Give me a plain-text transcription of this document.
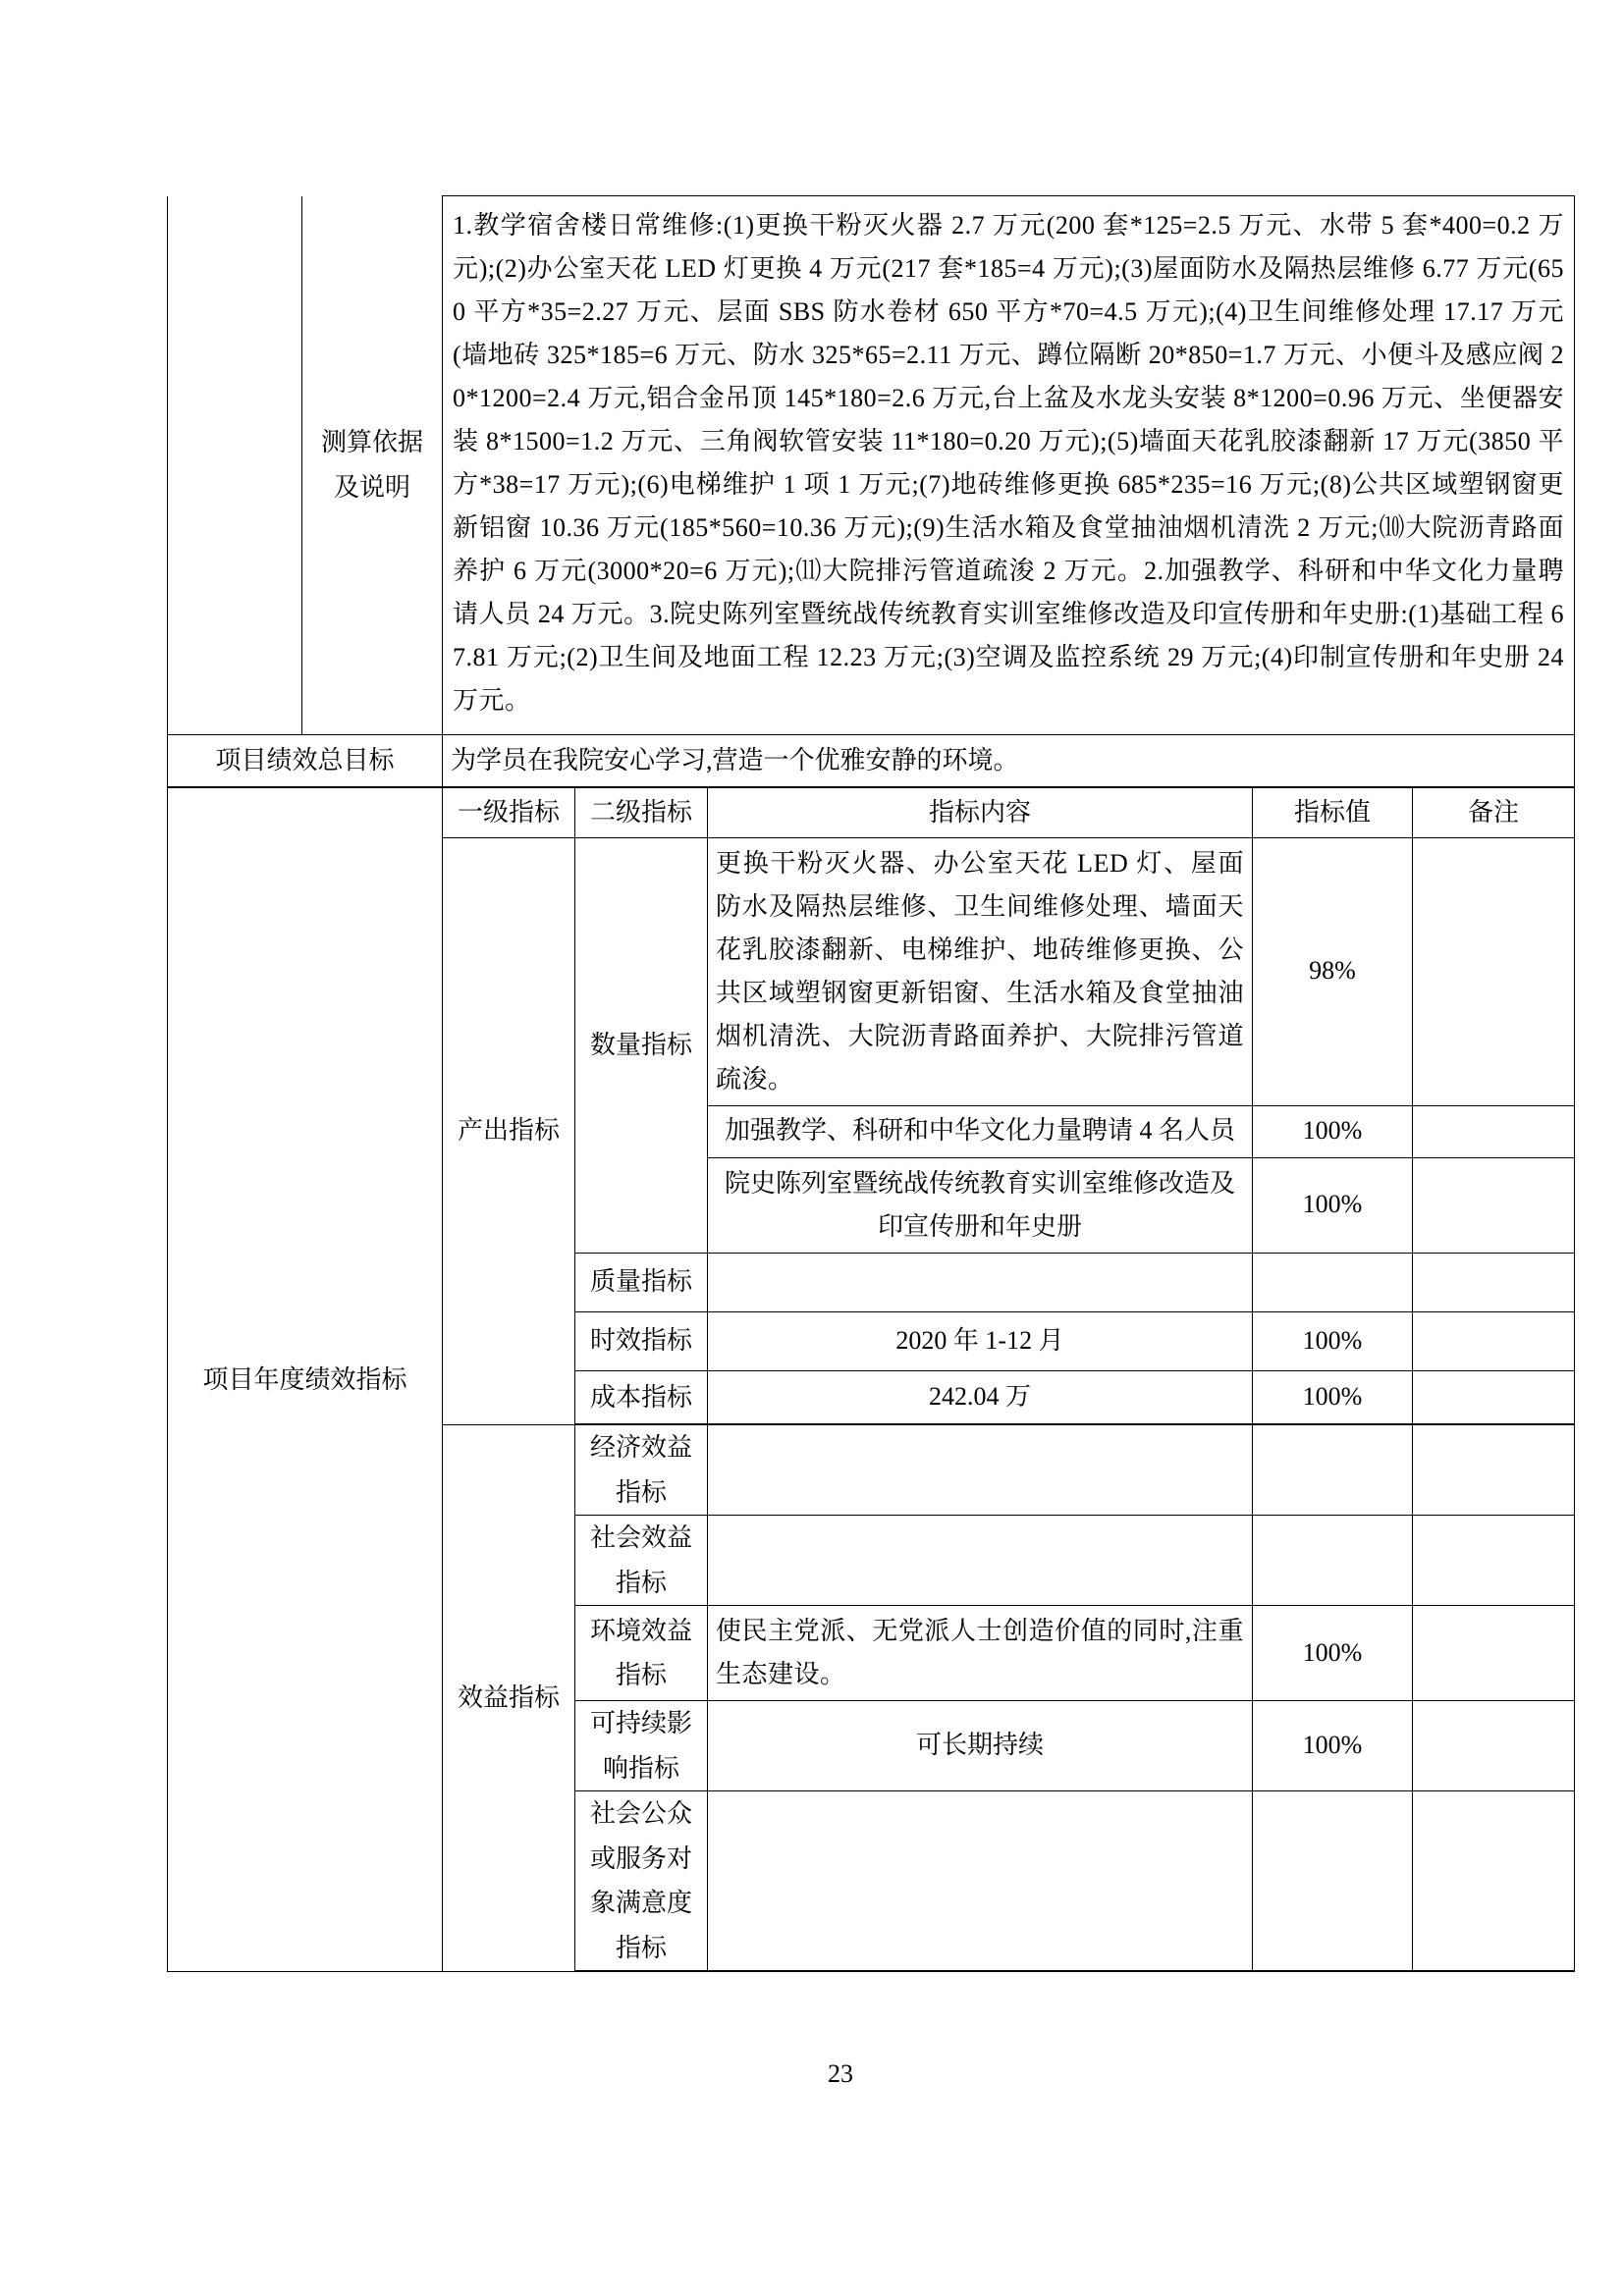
	测算依据及说明	1.教学宿舍楼日常维修:(1)更换干粉灭火器 2.7 万元(200 套*125=2.5 万元、水带 5 套*400=0.2 万元);(2)办公室天花 LED 灯更换 4 万元(217 套*185=4 万元);(3)屋面防水及隔热层维修 6.77 万元(650 平方*35=2.27 万元、层面 SBS 防水卷材 650 平方*70=4.5 万元);(4)卫生间维修处理 17.17 万元(墙地砖 325*185=6 万元、防水 325*65=2.11 万元、蹲位隔断 20*850=1.7 万元、小便斗及感应阀 20*1200=2.4 万元,铝合金吊顶 145*180=2.6 万元,台上盆及水龙头安装 8*1200=0.96 万元、坐便器安装 8*1500=1.2 万元、三角阀软管安装 11*180=0.20 万元);(5)墙面天花乳胶漆翻新 17 万元(3850 平方*38=17 万元);(6)电梯维护 1 项 1 万元;(7)地砖维修更换 685*235=16 万元;(8)公共区域塑钢窗更新铝窗 10.36 万元(185*560=10.36 万元);(9)生活水箱及食堂抽油烟机清洗 2 万元;⑽大院沥青路面养护 6 万元(3000*20=6 万元);⑾大院排污管道疏浚 2 万元。2.加强教学、科研和中华文化力量聘请人员 24 万元。3.院史陈列室暨统战传统教育实训室维修改造及印宣传册和年史册:(1)基础工程 67.81 万元;(2)卫生间及地面工程 12.23 万元;(3)空调及监控系统 29 万元;(4)印制宣传册和年史册 24 万元。				
项目绩效总目标		为学员在我院安心学习,营造一个优雅安静的环境。				
项目年度绩效指标		一级指标	二级指标	指标内容	指标值	备注
		产出指标	数量指标	更换干粉灭火器、办公室天花 LED 灯、屋面防水及隔热层维修、卫生间维修处理、墙面天花乳胶漆翻新、电梯维护、地砖维修更换、公共区域塑钢窗更新铝窗、生活水箱及食堂抽油烟机清洗、大院沥青路面养护、大院排污管道疏浚。	98%	
				加强教学、科研和中华文化力量聘请 4 名人员	100%	
				院史陈列室暨统战传统教育实训室维修改造及印宣传册和年史册	100%	
			质量指标			
			时效指标	2020 年 1-12 月	100%	
			成本指标	242.04 万	100%	
		效益指标	经济效益指标			
			社会效益指标			
			环境效益指标	使民主党派、无党派人士创造价值的同时,注重生态建设。	100%	
			可持续影响指标	可长期持续	100%	
			社会公众或服务对象满意度指标			
23
